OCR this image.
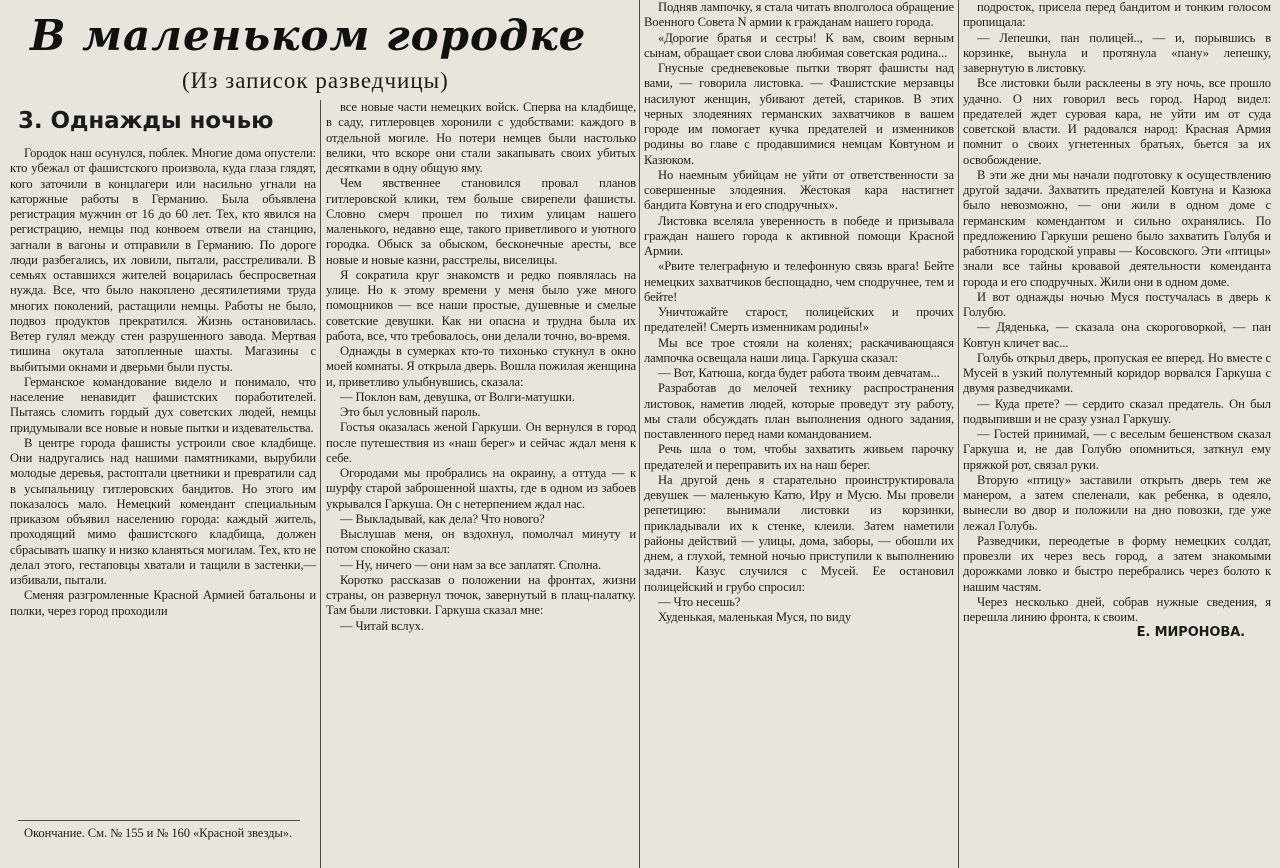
В маленьком городке
(Из записок разведчицы)
3. Однажды ночью

Городок наш осунулся, поблек. Многие дома опустели: кто убежал от фашистского произвола, куда глаза глядят, кого заточили в концлагери или насильно угнали на каторжные работы в Германию. Была объявлена регистрация мужчин от 16 до 60 лет. Тех, кто явился на регистрацию, немцы под конвоем отвели на станцию, загнали в вагоны и отправили в Германию. По дороге люди разбегались, их ловили, пытали, расстреливали. В семьях оставшихся жителей воцарилась беспросветная нужда. Все, что было накоплено десятилетиями труда многих поколений, растащили немцы. Работы не было, подвоз продуктов прекратился. Жизнь остановилась. Ветер гулял между стен разрушенного завода. Мертвая тишина окутала затопленные шахты. Магазины с выбитыми окнами и дверьми были пусты.

Германское командование видело и понимало, что население ненавидит фашистских поработителей. Пытаясь сломить гордый дух советских людей, немцы придумывали все новые и новые пытки и издевательства.

В центре города фашисты устроили свое кладбище. Они надругались над нашими памятниками, вырубили молодые деревья, растоптали цветники и превратили сад в усыпальницу гитлеровских бандитов. Но этого им показалось мало. Немецкий комендант специальным приказом объявил населению города: каждый житель, проходящий мимо фашистского кладбища, должен сбрасывать шапку и низко кланяться могилам. Тех, кто не делал этого, гестаповцы хватали и тащили в застенки,— избивали, пытали.

Сменяя разгромленные Красной Армией батальоны и полки, через город проходили

Окончание. См. № 155 и № 160 «Красной звезды».

все новые части немецких войск. Сперва на кладбище, в саду, гитлеровцев хоронили с удобствами: каждого в отдельной могиле. Но потери немцев были настолько велики, что вскоре они стали закапывать своих убитых десятками в одну общую яму.

Чем явственнее становился провал планов гитлеровской клики, тем больше свирепели фашисты. Словно смерч прошел по тихим улицам нашего маленького, недавно еще, такого приветливого и уютного городка. Обыск за обыском, бесконечные аресты, все новые и новые казни, расстрелы, виселицы.

Я сократила круг знакомств и редко появлялась на улице. Но к этому времени у меня было уже много помощников — все наши простые, душевные и смелые советские девушки. Как ни опасна и трудна была их работа, все, что требовалось, они делали точно, во-время.

Однажды в сумерках кто-то тихонько стукнул в окно моей комнаты. Я открыла дверь. Вошла пожилая женщина и, приветливо улыбнувшись, сказала:

— Поклон вам, девушка, от Волги-матушки.

Это был условный пароль.

Гостья оказалась женой Гаркуши. Он вернулся в город после путешествия из «наш берег» и сейчас ждал меня к себе.

Огородами мы пробрались на окраину, а оттуда — к шурфу старой заброшенной шахты, где в одном из забоев укрывался Гаркуша. Он с нетерпением ждал нас.

— Выкладывай, как дела? Что нового?

Выслушав меня, он вздохнул, помолчал минуту и потом спокойно сказал:

— Ну, ничего — они нам за все заплатят. Сполна.

Коротко рассказав о положении на фронтах, жизни страны, он развернул тючок, завернутый в плащ-палатку. Там были листовки. Гаркуша сказал мне:

— Читай вслух.

Подняв лампочку, я стала читать вполголоса обращение Военного Совета N армии к гражданам нашего города.

«Дорогие братья и сестры! К вам, своим верным сынам, обращает свои слова любимая советская родина...

Гнусные средневековые пытки творят фашисты над вами, — говорила листовка. — Фашистские мерзавцы насилуют женщин, убивают детей, стариков. В этих черных злодеяниях германских захватчиков в вашем городе им помогает кучка предателей и изменников родины во главе с продавшимися немцам Ковтуном и Казюком.

Но наемным убийцам не уйти от ответственности за совершенные злодеяния. Жестокая кара настигнет бандита Ковтуна и его сподручных».

Листовка вселяла уверенность в победе и призывала граждан нашего города к активной помощи Красной Армии.

«Рвите телеграфную и телефонную связь врага! Бейте немецких захватчиков беспощадно, чем сподручнее, тем и бейте!

Уничтожайте старост, полицейских и прочих предателей! Смерть изменникам родины!»

Мы все трое стояли на коленях; раскачивающаяся лампочка освещала наши лица. Гаркуша сказал:

— Вот, Катюша, когда будет работа твоим девчатам...

Разработав до мелочей технику распространения листовок, наметив людей, которые проведут эту работу, мы стали обсуждать план выполнения одного задания, поставленного перед нами командованием.

Речь шла о том, чтобы захватить живьем парочку предателей и переправить их на наш берег.

На другой день я старательно проинструктировала девушек — маленькую Катю, Иру и Мусю. Мы провели репетицию: вынимали листовки из корзинки, прикладывали их к стенке, клеили. Затем наметили районы действий — улицы, дома, заборы, — обошли их днем, а глухой, темной ночью приступили к выполнению задачи. Казус случился с Мусей. Ее остановил полицейский и грубо спросил:

— Что несешь?

Худенькая, маленькая Муся, по виду

подросток, присела перед бандитом и тонким голосом пропищала:

— Лепешки, пан полицей.., — и, порывшись в корзинке, вынула и протянула «пану» лепешку, завернутую в листовку.

Все листовки были расклеены в эту ночь, все прошло удачно. О них говорил весь город. Народ видел: предателей ждет суровая кара, не уйти им от суда советской власти. И радовался народ: Красная Армия помнит о своих угнетенных братьях, бьется за их освобождение.

В эти же дни мы начали подготовку к осуществлению другой задачи. Захватить предателей Ковтуна и Казюка было невозможно, — они жили в одном доме с германским комендантом и сильно охранялись. По предложению Гаркуши решено было захватить Голубя и работника городской управы — Косовского. Эти «птицы» знали все тайны кровавой деятельности коменданта города и его сподручных. Жили они в одном доме.

И вот однажды ночью Муся постучалась в дверь к Голубю.

— Дяденька, — сказала она скороговоркой, — пан Ковтун кличет вас...

Голубь открыл дверь, пропуская ее вперед. Но вместе с Мусей в узкий полутемный коридор ворвался Гаркуша с двумя разведчиками.

— Куда прете? — сердито сказал предатель. Он был подвыпивши и не сразу узнал Гаркушу.

— Гостей принимай, — с веселым бешенством сказал Гаркуша и, не дав Голубю опомниться, заткнул ему пряжкой рот, связал руки.

Вторую «птицу» заставили открыть дверь тем же манером, а затем спеленали, как ребенка, в одеяло, вынесли во двор и положили на дно повозки, где уже лежал Голубь.

Разведчики, переодетые в форму немецких солдат, провезли их через весь город, а затем знакомыми дорожками ловко и быстро перебрались через болото к нашим частям.

Через несколько дней, собрав нужные сведения, я перешла линию фронта, к своим.

Е. МИРОНОВА.
